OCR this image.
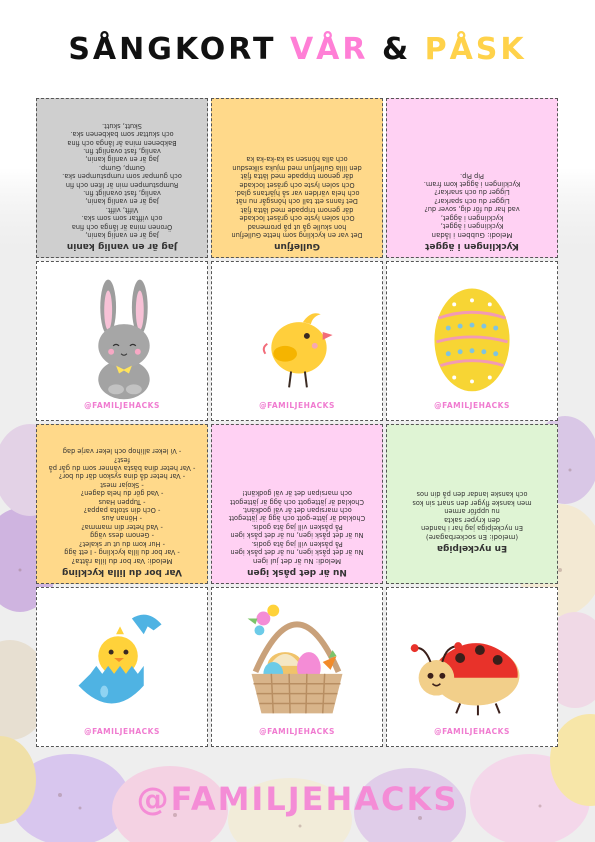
SÅNGKORT VÅR & PÅSK
Jag är en vanlig kanin
Jag är en vanlig kanin,
Öronen mina är långa och fina
och vifftar som som ska.
Vifft, vifft.
Jag är en vanlig kanin,
vanlig, fast ovanligt fin.
Rumpstumpen min är liten och fin
och gumpar som rumpstumpen ska.
Gump, Gump.
Jag är en vanlig kanin,
vanlig, fast ovanligt fin.
Bakbenen mina är långa och fina
och skuttar som bakbenen ska.
Skutt, skutt.
Gullefjun
Det var en kyckling som hette Gullefjun
hon skulle gå ut på promenad
Och solen lyste och gräset lockade
där genom trippade med lätta fjät
Det fanns ett tall och hönsgår nu nät
och hela världen var så hjärtans glad.
Och solen lyste och gräset lockade
där genom trippade med lätta fjät
den lilla Gullefjun med mjuka silkesdun
och alla hönsen sa ka-ka-ka ka
Kycklingen i ägget
Melodi: Gubben i lådan
Kycklingen i ägget,
kycklingen i ägget,
vad har du för dig, sover du?
Ligger du och sparkar?
Ligger du och snarkar?
Kycklingen i ägget kom fram.
Pip Pip.
@FAMILJEHACKS	@FAMILJEHACKS	@FAMILJEHACKS
Var bor du lilla kyckling
Melodi: Var bor du lilla råtta?
- Var bor du lilla kyckling - I ett ägg
- Hur kom du ut ur skalet?
- Genom dess vägg
- Vad heter din mamma?
- Hönan Aus
- Och din stolta pappa?
- Tuppen Haus
- Vad gör du hela dagen?
- Skojar mest
- Var heter då dina syskon där du bor?
- Var heter dina bästa vänner som du går på fest?
- Vi leker allihop och leker varje dag
Nu är det påsk igen
Melodi: Nu är det jul igen
Nu är det påsk igen, nu är det påsk igen
På påsken vill jag äta godis.
Nu är det påsk igen, nu är det påsk igen
På påsken vill jag äta godis.
Choklad är jätte-gott och ägg är jättegott
och marsipan det är väl godkänt.
Choklad är jättegott och ägg är jättegott
och marsipan det är väl godkänt!
En nyckelpiga
(melodi: En sockerbagare)
En nyckelpiga jag har i handen
den kryper sakta
nu uppför armen
men kanske flyger den snart sin kos
och kanske landar den på din nos
@FAMILJEHACKS	@FAMILJEHACKS	@FAMILJEHACKS
@FAMILJEHACKS
